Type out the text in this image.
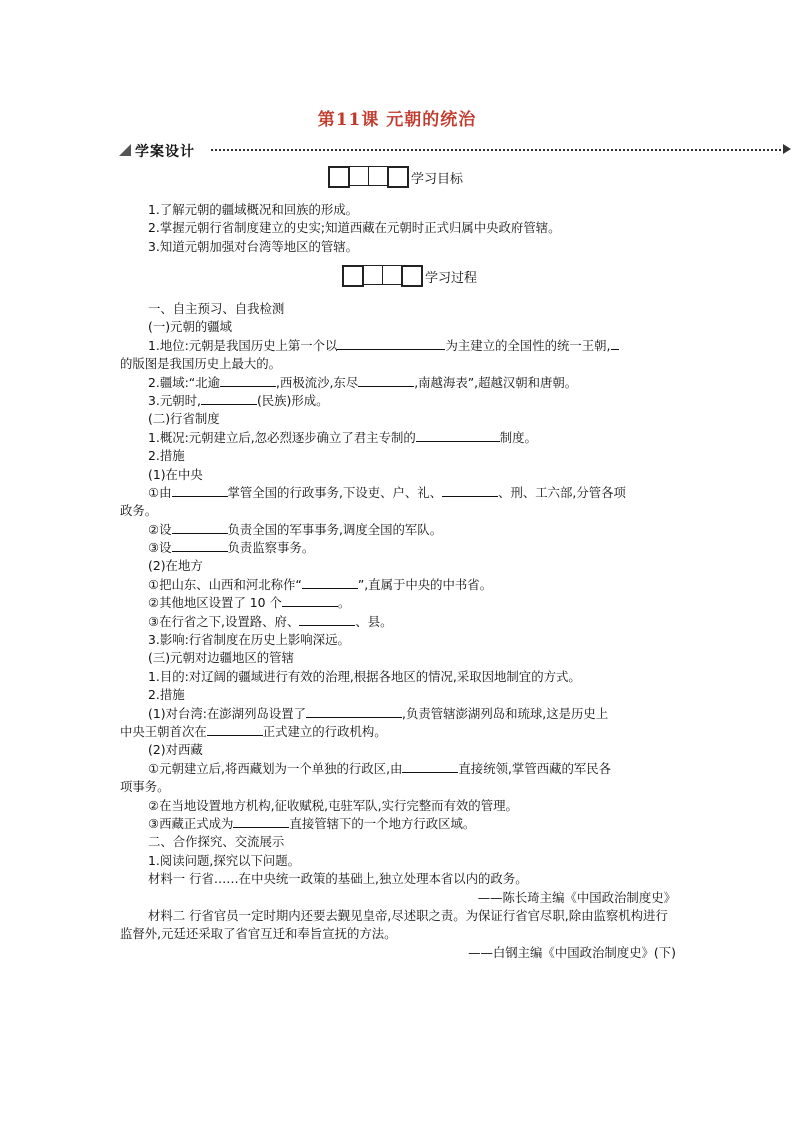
第11课 元朝的统治
学案设计
学习目标
1.了解元朝的疆域概况和回族的形成。
2.掌握元朝行省制度建立的史实;知道西藏在元朝时正式归属中央政府管辖。
3.知道元朝加强对台湾等地区的管辖。
学习过程
一、自主预习、自我检测
(一)元朝的疆域
1.地位:元朝是我国历史上第一个以	为主建立的全国性的统一王朝,
的版图是我国历史上最大的。
2.疆域:“北逾	,西极流沙,东尽	,南越海表”,超越汉朝和唐朝。
3.元朝时,	(民族)形成。
(二)行省制度
1.概况:元朝建立后,忽必烈逐步确立了君主专制的	制度。
2.措施
(1)在中央
①由	掌管全国的行政事务,下设吏、户、礼、	、刑、工六部,分管各项
政务。
②设	负责全国的军事事务,调度全国的军队。
③设	负责监察事务。
(2)在地方
①把山东、山西和河北称作“	”,直属于中央的中书省。
②其他地区设置了 10 个	。
③在行省之下,设置路、府、	、县。
3.影响:行省制度在历史上影响深远。
(三)元朝对边疆地区的管辖
1.目的:对辽阔的疆域进行有效的治理,根据各地区的情况,采取因地制宜的方式。
2.措施
(1)对台湾:在澎湖列岛设置了	,负责管辖澎湖列岛和琉球,这是历史上
中央王朝首次在	正式建立的行政机构。
(2)对西藏
①元朝建立后,将西藏划为一个单独的行政区,由	直接统领,掌管西藏的军民各
项事务。
②在当地设置地方机构,征收赋税,屯驻军队,实行完整而有效的管理。
③西藏正式成为	直接管辖下的一个地方行政区域。
二、合作探究、交流展示
1.阅读问题,探究以下问题。
材料一 行省……在中央统一政策的基础上,独立处理本省以内的政务。
——陈长琦主编《中国政治制度史》
材料二 行省官员一定时期内还要去觐见皇帝,尽述职之责。为保证行省官尽职,除由监察机构进行监督外,元廷还采取了省官互迁和奉旨宣抚的方法。
——白钢主编《中国政治制度史》(下)
